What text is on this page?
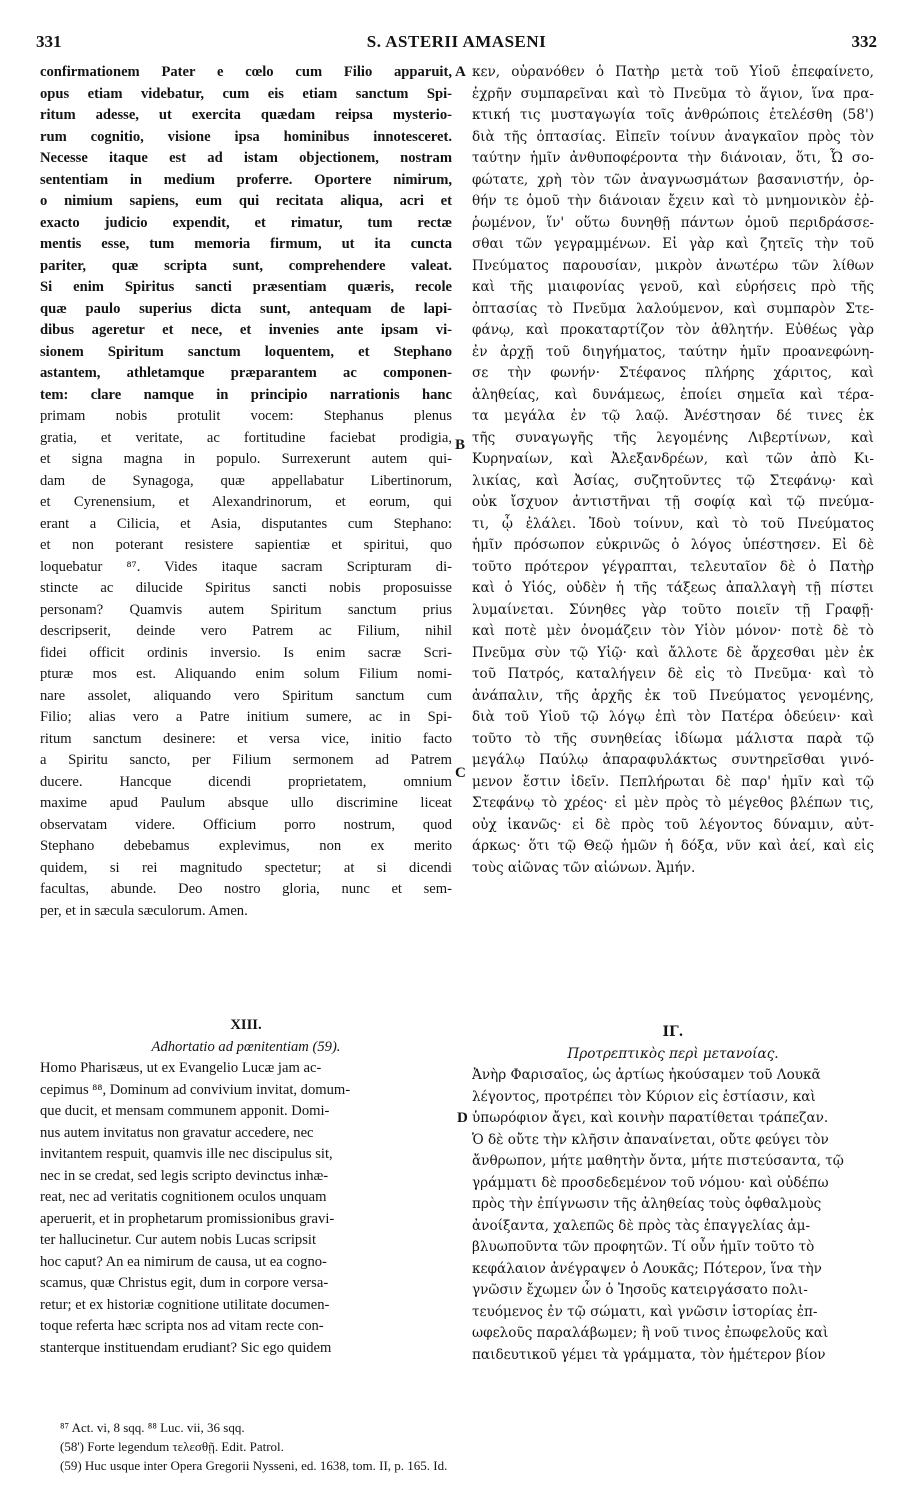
331	S. ASTERII AMASENI	332
confirmationem Pater e cœlo cum Filio apparuit,
opus etiam videbatur, cum eis etiam sanctum Spi-
ritum adesse, ut exercita quædam reipsa mysterio-
rum cognitio, visione ipsa hominibus innotesceret.
Necesse itaque est ad istam objectionem, nostram
sententiam in medium proferre. Oportere nimirum,
o nimium sapiens, eum qui recitata aliqua, acri et
exacto judicio expendit, et rimatur, tum rectæ
mentis esse, tum memoria firmum, ut ita cuncta
pariter, quæ scripta sunt, comprehendere valeat.
Si enim Spiritus sancti præsentiam quæris, recole
quæ paulo superius dicta sunt, antequam de lapi-
dibus ageretur et nece, et invenies ante ipsam vi-
sionem Spiritum sanctum loquentem, et Stephano
astantem, athletamque præparantem ac componen-
tem: clare namque in principio narrationis hanc
primam nobis protulit vocem: Stephanus plenus
gratia, et veritate, ac fortitudine faciebat prodigia,
et signa magna in populo. Surrexerunt autem qui-
dam de Synagoga, quæ appellabatur Libertinorum,
et Cyrenensium, et Alexandrinorum, et eorum, qui
erant a Cilicia, et Asia, disputantes cum Stephano:
et non poterant resistere sapientiæ et spiritui, quo
loquebatur ⁸⁷. Vides itaque sacram Scripturam di-
stincte ac dilucide Spiritus sancti nobis proposuisse
personam? Quamvis autem Spiritum sanctum prius
descripserit, deinde vero Patrem ac Filium, nihil
fidei officit ordinis inversio. Is enim sacræ Scri-
pturæ mos est. Aliquando enim solum Filium nomi-
nare assolet, aliquando vero Spiritum sanctum cum
Filio; alias vero a Patre initium sumere, ac in Spi-
ritum sanctum desinere: et versa vice, initio facto
a Spiritu sancto, per Filium sermonem ad Patrem
ducere. Hancque dicendi proprietatem, omnium
maxime apud Paulum absque ullo discrimine liceat
observatam videre. Officium porro nostrum, quod
Stephano debebamus explevimus, non ex merito
quidem, si rei magnitudo spectetur; at si dicendi
facultas, abunde. Deo nostro gloria, nunc et sem-
per, et in sæcula sæculorum. Amen.
κεν, οὐρανόθεν ὁ Πατὴρ μετὰ τοῦ Υἱοῦ ἐπεφαίνετο,
ἐχρῆν συμπαρεῖναι καὶ τὸ Πνεῦμα τὸ ἅγιον, ἵνα πρα-
κτική τις μυσταγωγία τοῖς ἀνθρώποις ἐτελέσθη (58')
διὰ τῆς ὀπτασίας. Εἰπεῖν τοίνυν ἀναγκαῖον πρὸς τὸν
ταύτην ἡμῖν ἀνθυποφέροντα τὴν διάνοιαν, ὅτι, Ὦ σο-
φώτατε, χρὴ τὸν τῶν ἀναγνωσμάτων βασανιστήν, ὀρ-
θήν τε ὁμοῦ τὴν διάνοιαν ἔχειν καὶ τὸ μνημονικὸν ἐῤ-
ῥωμένον, ἵν' οὕτω δυνηθῇ πάντων ὁμοῦ περιδράσσε-
σθαι τῶν γεγραμμένων. Εἰ γὰρ καὶ ζητεῖς τὴν τοῦ
Πνεύματος παρουσίαν, μικρὸν ἀνωτέρω τῶν λίθων
καὶ τῆς μιαιφονίας γενοῦ, καὶ εὑρήσεις πρὸ τῆς
ὀπτασίας τὸ Πνεῦμα λαλούμενον, καὶ συμπαρὸν Στε-
φάνῳ, καὶ προκαταρτίζον τὸν ἀθλητήν. Εὐθέως γὰρ
ἐν ἀρχῇ τοῦ διηγήματος, ταύτην ἡμῖν προανεφώνη-
σε τὴν φωνήν· Στέφανος πλήρης χάριτος, καὶ
ἀληθείας, καὶ δυνάμεως, ἐποίει σημεῖα καὶ τέρα-
τα μεγάλα ἐν τῷ λαῷ. Ἀνέστησαν δέ τινες ἐκ
τῆς συναγωγῆς τῆς λεγομένης Λιβερτίνων, καὶ
Κυρηναίων, καὶ Ἀλεξανδρέων, καὶ τῶν ἀπὸ Κι-
λικίας, καὶ Ἀσίας, συζητοῦντες τῷ Στεφάνῳ· καὶ
οὐκ ἴσχυον ἀντιστῆναι τῇ σοφίᾳ καὶ τῷ πνεύμα-
τι, ᾧ ἐλάλει. Ἰδοὺ τοίνυν, καὶ τὸ τοῦ Πνεύματος
ἡμῖν πρόσωπον εὐκρινῶς ὁ λόγος ὑπέστησεν. Εἰ δὲ
τοῦτο πρότερον γέγραπται, τελευταῖον δὲ ὁ Πατὴρ
καὶ ὁ Υἱός, οὐδὲν ἡ τῆς τάξεως ἀπαλλαγὴ τῇ πίστει
λυμαίνεται. Σύνηθες γὰρ τοῦτο ποιεῖν τῇ Γραφῇ·
καὶ ποτὲ μὲν ὀνομάζειν τὸν Υἱὸν μόνον· ποτὲ δὲ τὸ
Πνεῦμα σὺν τῷ Υἱῷ· καὶ ἄλλοτε δὲ ἄρχεσθαι μὲν ἐκ
τοῦ Πατρός, καταλήγειν δὲ εἰς τὸ Πνεῦμα· καὶ τὸ
ἀνάπαλιν, τῆς ἀρχῆς ἐκ τοῦ Πνεύματος γενομένης,
διὰ τοῦ Υἱοῦ τῷ λόγῳ ἐπὶ τὸν Πατέρα ὁδεύειν· καὶ
τοῦτο τὸ τῆς συνηθείας ἰδίωμα μάλιστα παρὰ τῷ
μεγάλῳ Παύλῳ ἀπαραφυλάκτως συντηρεῖσθαι γινό-
μενον ἔστιν ἰδεῖν. Πεπλήρωται δὲ παρ' ἡμῖν καὶ τῷ
Στεφάνῳ τὸ χρέος· εἰ μὲν πρὸς τὸ μέγεθος βλέπων τις,
οὐχ ἱκανῶς· εἰ δὲ πρὸς τοῦ λέγοντος δύναμιν, αὐτ-
άρκως· ὅτι τῷ Θεῷ ἡμῶν ἡ δόξα, νῦν καὶ ἀεί, καὶ εἰς
τοὺς αἰῶνας τῶν αἰώνων. Ἀμήν.
A
B
C
D
XIII.
Adhortatio ad pœnitentiam (59).
Homo Pharisæus, ut ex Evangelio Lucæ jam ac-
cepimus ⁸⁸, Dominum ad convivium invitat, domum-
que ducit, et mensam communem apponit. Domi-
nus autem invitatus non gravatur accedere, nec
invitantem respuit, quamvis ille nec discipulus sit,
nec in se credat, sed legis scripto devinctus inhæ-
reat, nec ad veritatis cognitionem oculos unquam
aperuerit, et in prophetarum promissionibus gravi-
ter hallucinetur. Cur autem nobis Lucas scripsit
hoc caput? An ea nimirum de causa, ut ea cogno-
scamus, quæ Christus egit, dum in corpore versa-
retur; et ex historiæ cognitione utilitate documen-
toque referta hæc scripta nos ad vitam recte con-
stanterque instituendam erudiant? Sic ego quidem
ΙΓ.
Προτρεπτικὸς περὶ μετανοίας.
Ἀνὴρ Φαρισαῖος, ὡς ἀρτίως ἠκούσαμεν τοῦ Λουκᾶ
λέγοντος, προτρέπει τὸν Κύριον εἰς ἑστίασιν, καὶ
ὑπωρόφιον ἄγει, καὶ κοινὴν παρατίθεται τράπεζαν.
Ὁ δὲ οὔτε τὴν κλῆσιν ἀπαναίνεται, οὔτε φεύγει τὸν
ἄνθρωπον, μήτε μαθητὴν ὄντα, μήτε πιστεύσαντα, τῷ
γράμματι δὲ προσδεδεμένον τοῦ νόμου· καὶ οὐδέπω
πρὸς τὴν ἐπίγνωσιν τῆς ἀληθείας τοὺς ὀφθαλμοὺς
ἀνοίξαντα, χαλεπῶς δὲ πρὸς τὰς ἐπαγγελίας ἀμ-
βλυωποῦντα τῶν προφητῶν. Τί οὖν ἡμῖν τοῦτο τὸ
κεφάλαιον ἀνέγραψεν ὁ Λουκᾶς; Πότερον, ἵνα τὴν
γνῶσιν ἔχωμεν ὧν ὁ Ἰησοῦς κατειργάσατο πολι-
τευόμενος ἐν τῷ σώματι, καὶ γνῶσιν ἱστορίας ἐπ-
ωφελοῦς παραλάβωμεν; ἢ νοῦ τινος ἐπωφελοῦς καὶ
παιδευτικοῦ γέμει τὰ γράμματα, τὸν ἡμέτερον βίον
⁸⁷ Act. vi, 8 sqq. ⁸⁸ Luc. vii, 36 sqq.
(58') Forte legendum τελεσθῇ. Edit. Patrol.
(59) Huc usque inter Opera Gregorii Nysseni, ed. 1638, tom. II, p. 165. Id.
